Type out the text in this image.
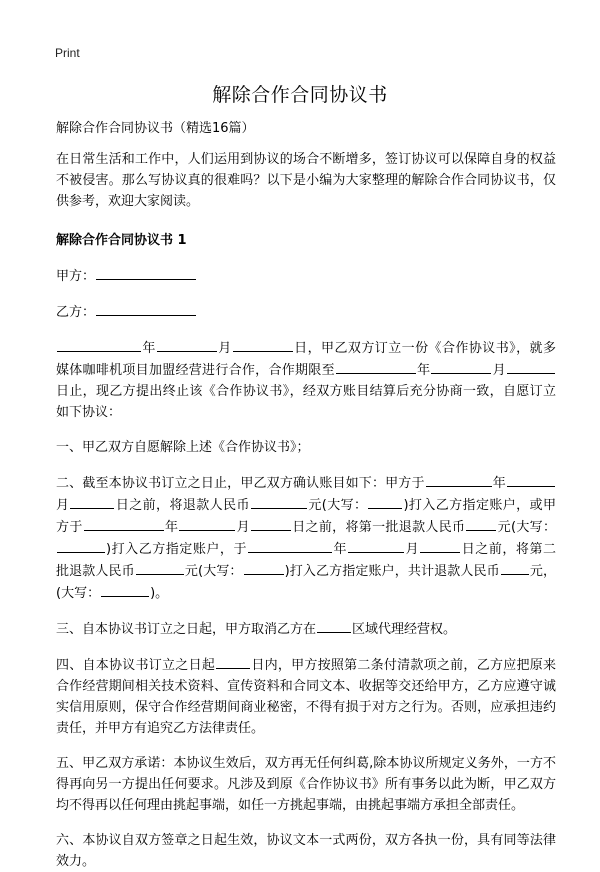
Print
解除合作合同协议书

解除合作合同协议书（精选16篇）

在日常生活和工作中，人们运用到协议的场合不断增多，签订协议可以保障自身的权益不被侵害。那么写协议真的很难吗？以下是小编为大家整理的解除合作合同协议书，仅供参考，欢迎大家阅读。

解除合作合同协议书 1

甲方：

乙方：

年	月	日，甲乙双方订立一份《合作协议书》，就多媒体咖啡机项目加盟经营进行合作，合作期限至	年	月日止，现乙方提出终止该《合作协议书》，经双方账目结算后充分协商一致，自愿订立如下协议：

一、甲乙双方自愿解除上述《合作协议书》；

二、截至本协议书订立之日止，甲乙双方确认账目如下：甲方于	年月	日之前，将退款人民币	元(大写：	)打入乙方指定账户，或甲方于	年	月	日之前，将第一批退款人民币 元(大写：)打入乙方指定账户，于	年	月	日之前，将第二批退款人民币	元(大写：	)打入乙方指定账户，共计退款人民币 元，(大写：	)。

三、自本协议书订立之日起，甲方取消乙方在	区域代理经营权。

四、自本协议书订立之日起	日内，甲方按照第二条付清款项之前，乙方应把原来合作经营期间相关技术资料、宣传资料和合同文本、收据等交还给甲方，乙方应遵守诚实信用原则，保守合作经营期间商业秘密，不得有损于对方之行为。否则，应承担违约责任，并甲方有追究乙方法律责任。

五、甲乙双方承诺：本协议生效后，双方再无任何纠葛,除本协议所规定义务外，一方不得再向另一方提出任何要求。凡涉及到原《合作协议书》所有事务以此为断，甲乙双方均不得再以任何理由挑起事端，如任一方挑起事端，由挑起事端方承担全部责任。

六、本协议自双方签章之日起生效，协议文本一式两份，双方各执一份，具有同等法律效力。
